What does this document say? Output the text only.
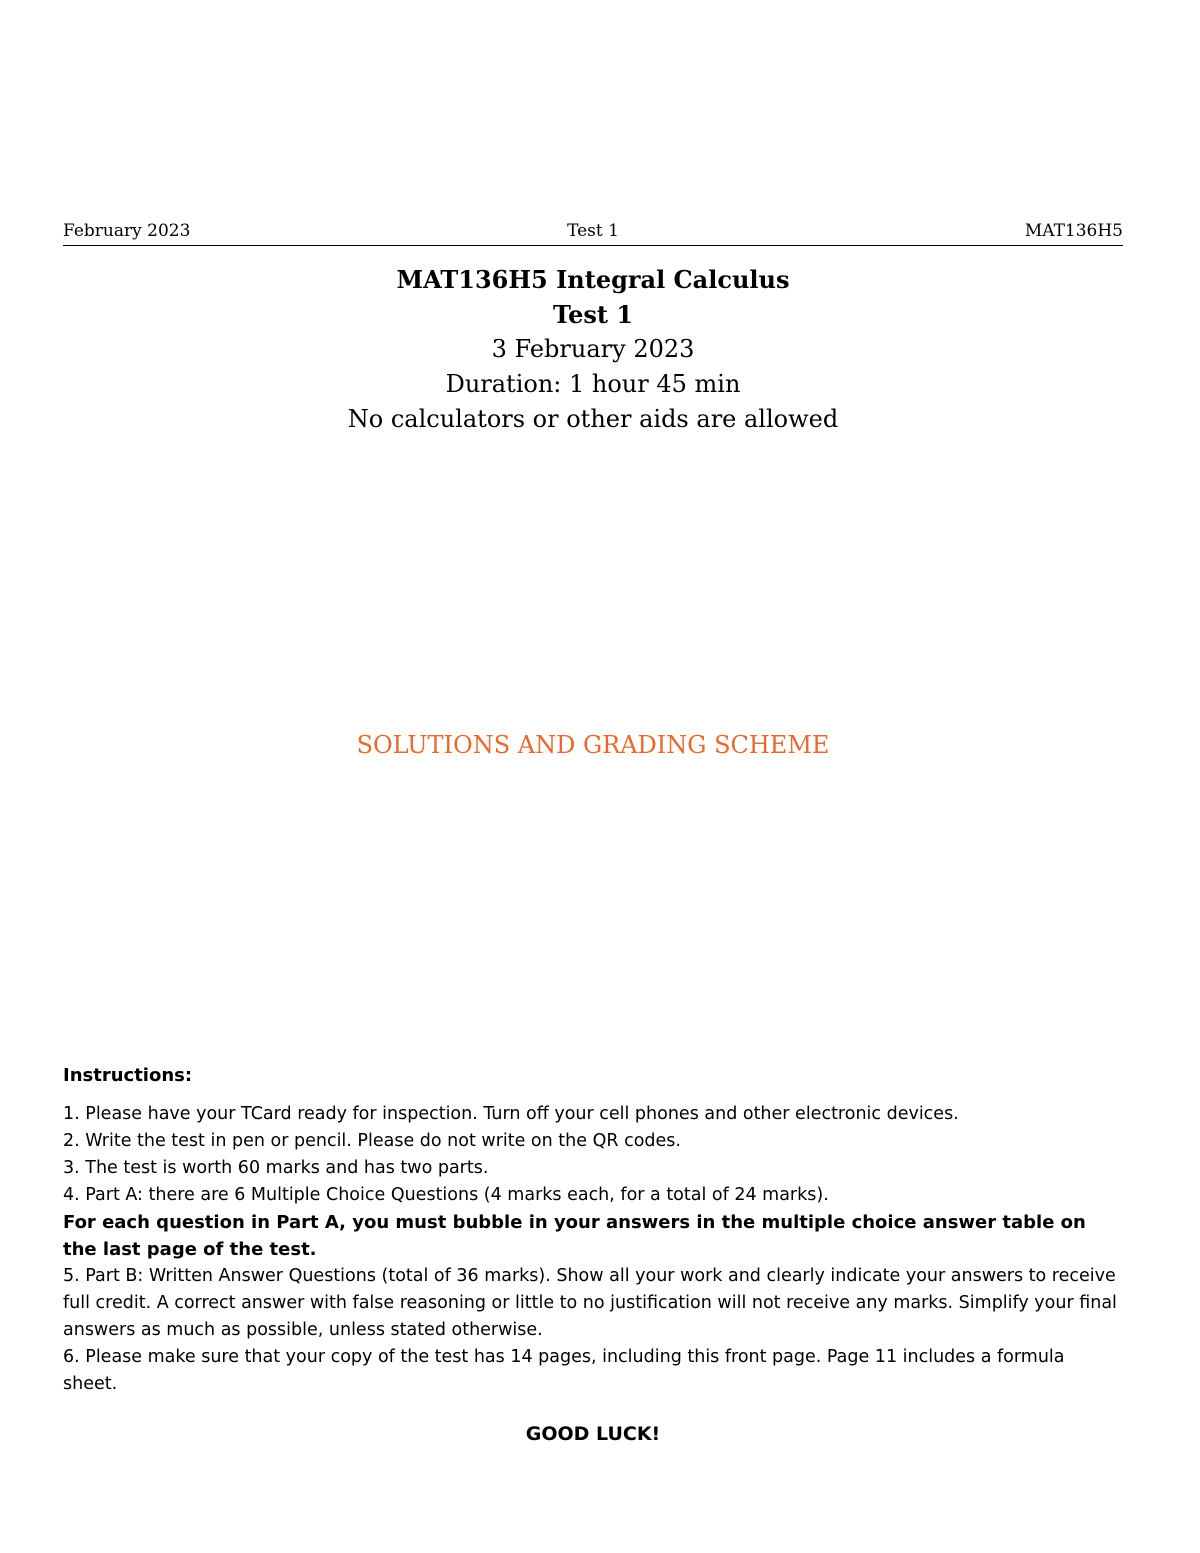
February 2023	Test 1	MAT136H5
MAT136H5 Integral Calculus
Test 1
3 February 2023
Duration: 1 hour 45 min
No calculators or other aids are allowed
SOLUTIONS AND GRADING SCHEME
Instructions:

1. Please have your TCard ready for inspection. Turn off your cell phones and other electronic devices.

2. Write the test in pen or pencil. Please do not write on the QR codes.

3. The test is worth 60 marks and has two parts.

4. Part A: there are 6 Multiple Choice Questions (4 marks each, for a total of 24 marks).

For each question in Part A, you must bubble in your answers in the multiple choice answer table on the last page of the test.

5. Part B: Written Answer Questions (total of 36 marks). Show all your work and clearly indicate your answers to receive full credit. A correct answer with false reasoning or little to no justification will not receive any marks. Simplify your final answers as much as possible, unless stated otherwise.

6. Please make sure that your copy of the test has 14 pages, including this front page. Page 11 includes a formula sheet.

GOOD LUCK!
